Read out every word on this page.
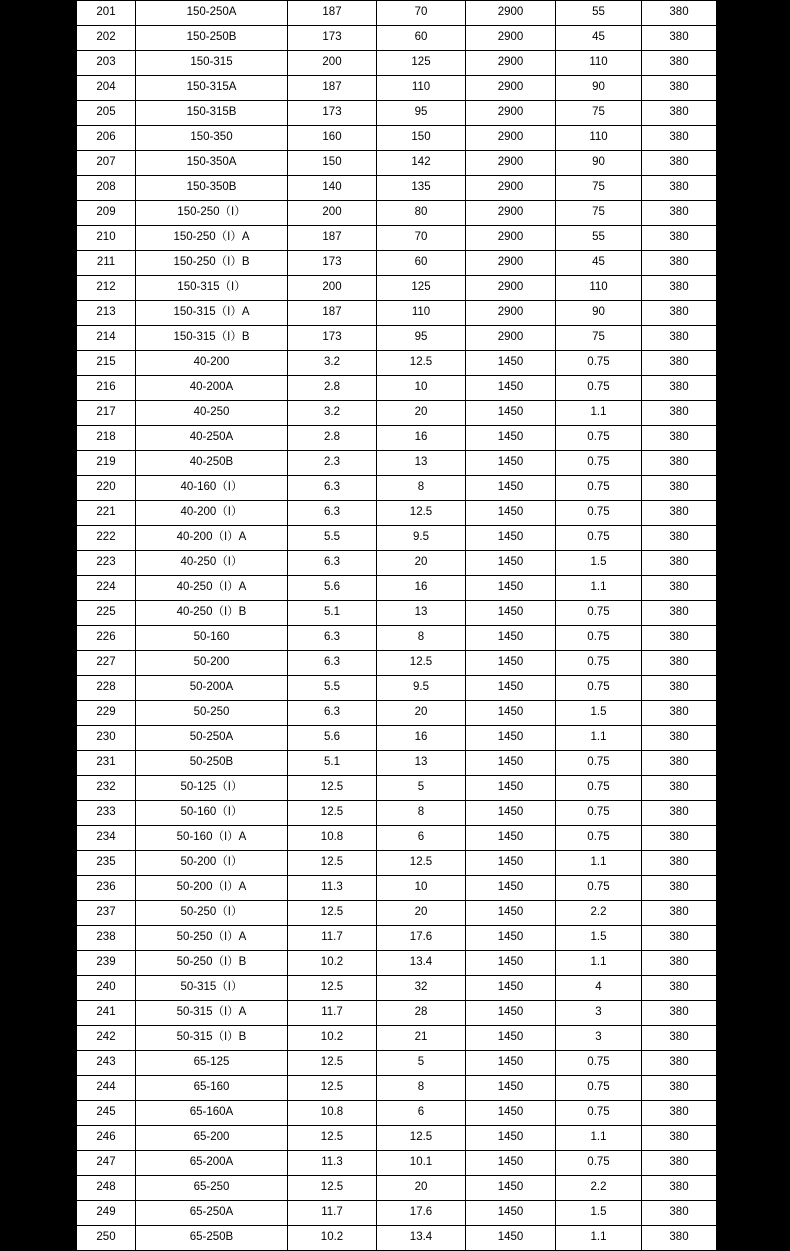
201	150-250A	187	70	2900	55	380
202	150-250B	173	60	2900	45	380
203	150-315	200	125	2900	110	380
204	150-315A	187	110	2900	90	380
205	150-315B	173	95	2900	75	380
206	150-350	160	150	2900	110	380
207	150-350A	150	142	2900	90	380
208	150-350B	140	135	2900	75	380
209	150-250（I）	200	80	2900	75	380
210	150-250（I）A	187	70	2900	55	380
211	150-250（I）B	173	60	2900	45	380
212	150-315（I）	200	125	2900	110	380
213	150-315（I）A	187	110	2900	90	380
214	150-315（I）B	173	95	2900	75	380
215	40-200	3.2	12.5	1450	0.75	380
216	40-200A	2.8	10	1450	0.75	380
217	40-250	3.2	20	1450	1.1	380
218	40-250A	2.8	16	1450	0.75	380
219	40-250B	2.3	13	1450	0.75	380
220	40-160（I）	6.3	8	1450	0.75	380
221	40-200（I）	6.3	12.5	1450	0.75	380
222	40-200（I）A	5.5	9.5	1450	0.75	380
223	40-250（I）	6.3	20	1450	1.5	380
224	40-250（I）A	5.6	16	1450	1.1	380
225	40-250（I）B	5.1	13	1450	0.75	380
226	50-160	6.3	8	1450	0.75	380
227	50-200	6.3	12.5	1450	0.75	380
228	50-200A	5.5	9.5	1450	0.75	380
229	50-250	6.3	20	1450	1.5	380
230	50-250A	5.6	16	1450	1.1	380
231	50-250B	5.1	13	1450	0.75	380
232	50-125（I）	12.5	5	1450	0.75	380
233	50-160（I）	12.5	8	1450	0.75	380
234	50-160（I）A	10.8	6	1450	0.75	380
235	50-200（I）	12.5	12.5	1450	1.1	380
236	50-200（I）A	11.3	10	1450	0.75	380
237	50-250（I）	12.5	20	1450	2.2	380
238	50-250（I）A	11.7	17.6	1450	1.5	380
239	50-250（I）B	10.2	13.4	1450	1.1	380
240	50-315（I）	12.5	32	1450	4	380
241	50-315（I）A	11.7	28	1450	3	380
242	50-315（I）B	10.2	21	1450	3	380
243	65-125	12.5	5	1450	0.75	380
244	65-160	12.5	8	1450	0.75	380
245	65-160A	10.8	6	1450	0.75	380
246	65-200	12.5	12.5	1450	1.1	380
247	65-200A	11.3	10.1	1450	0.75	380
248	65-250	12.5	20	1450	2.2	380
249	65-250A	11.7	17.6	1450	1.5	380
250	65-250B	10.2	13.4	1450	1.1	380
